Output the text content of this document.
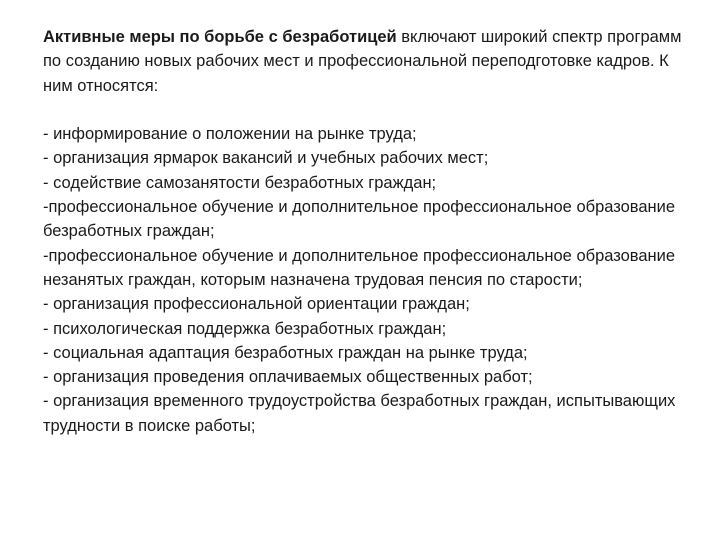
Активные меры по борьбе с безработицей включают широкий спектр программ по созданию новых рабочих мест и профессиональной переподготовке кадров. К ним относятся:

- информирование о положении на рынке труда;
- организация ярмарок вакансий и учебных рабочих мест;
- содействие самозанятости безработных граждан;
-профессиональное обучение и дополнительное профессиональное образование безработных граждан;
-профессиональное обучение и дополнительное профессиональное образование незанятых граждан, которым назначена трудовая пенсия по старости;
- организация профессиональной ориентации граждан;
- психологическая поддержка безработных граждан;
- социальная адаптация безработных граждан на рынке труда;
- организация проведения оплачиваемых общественных работ;
- организация временного трудоустройства безработных граждан, испытывающих трудности в поиске работы;
